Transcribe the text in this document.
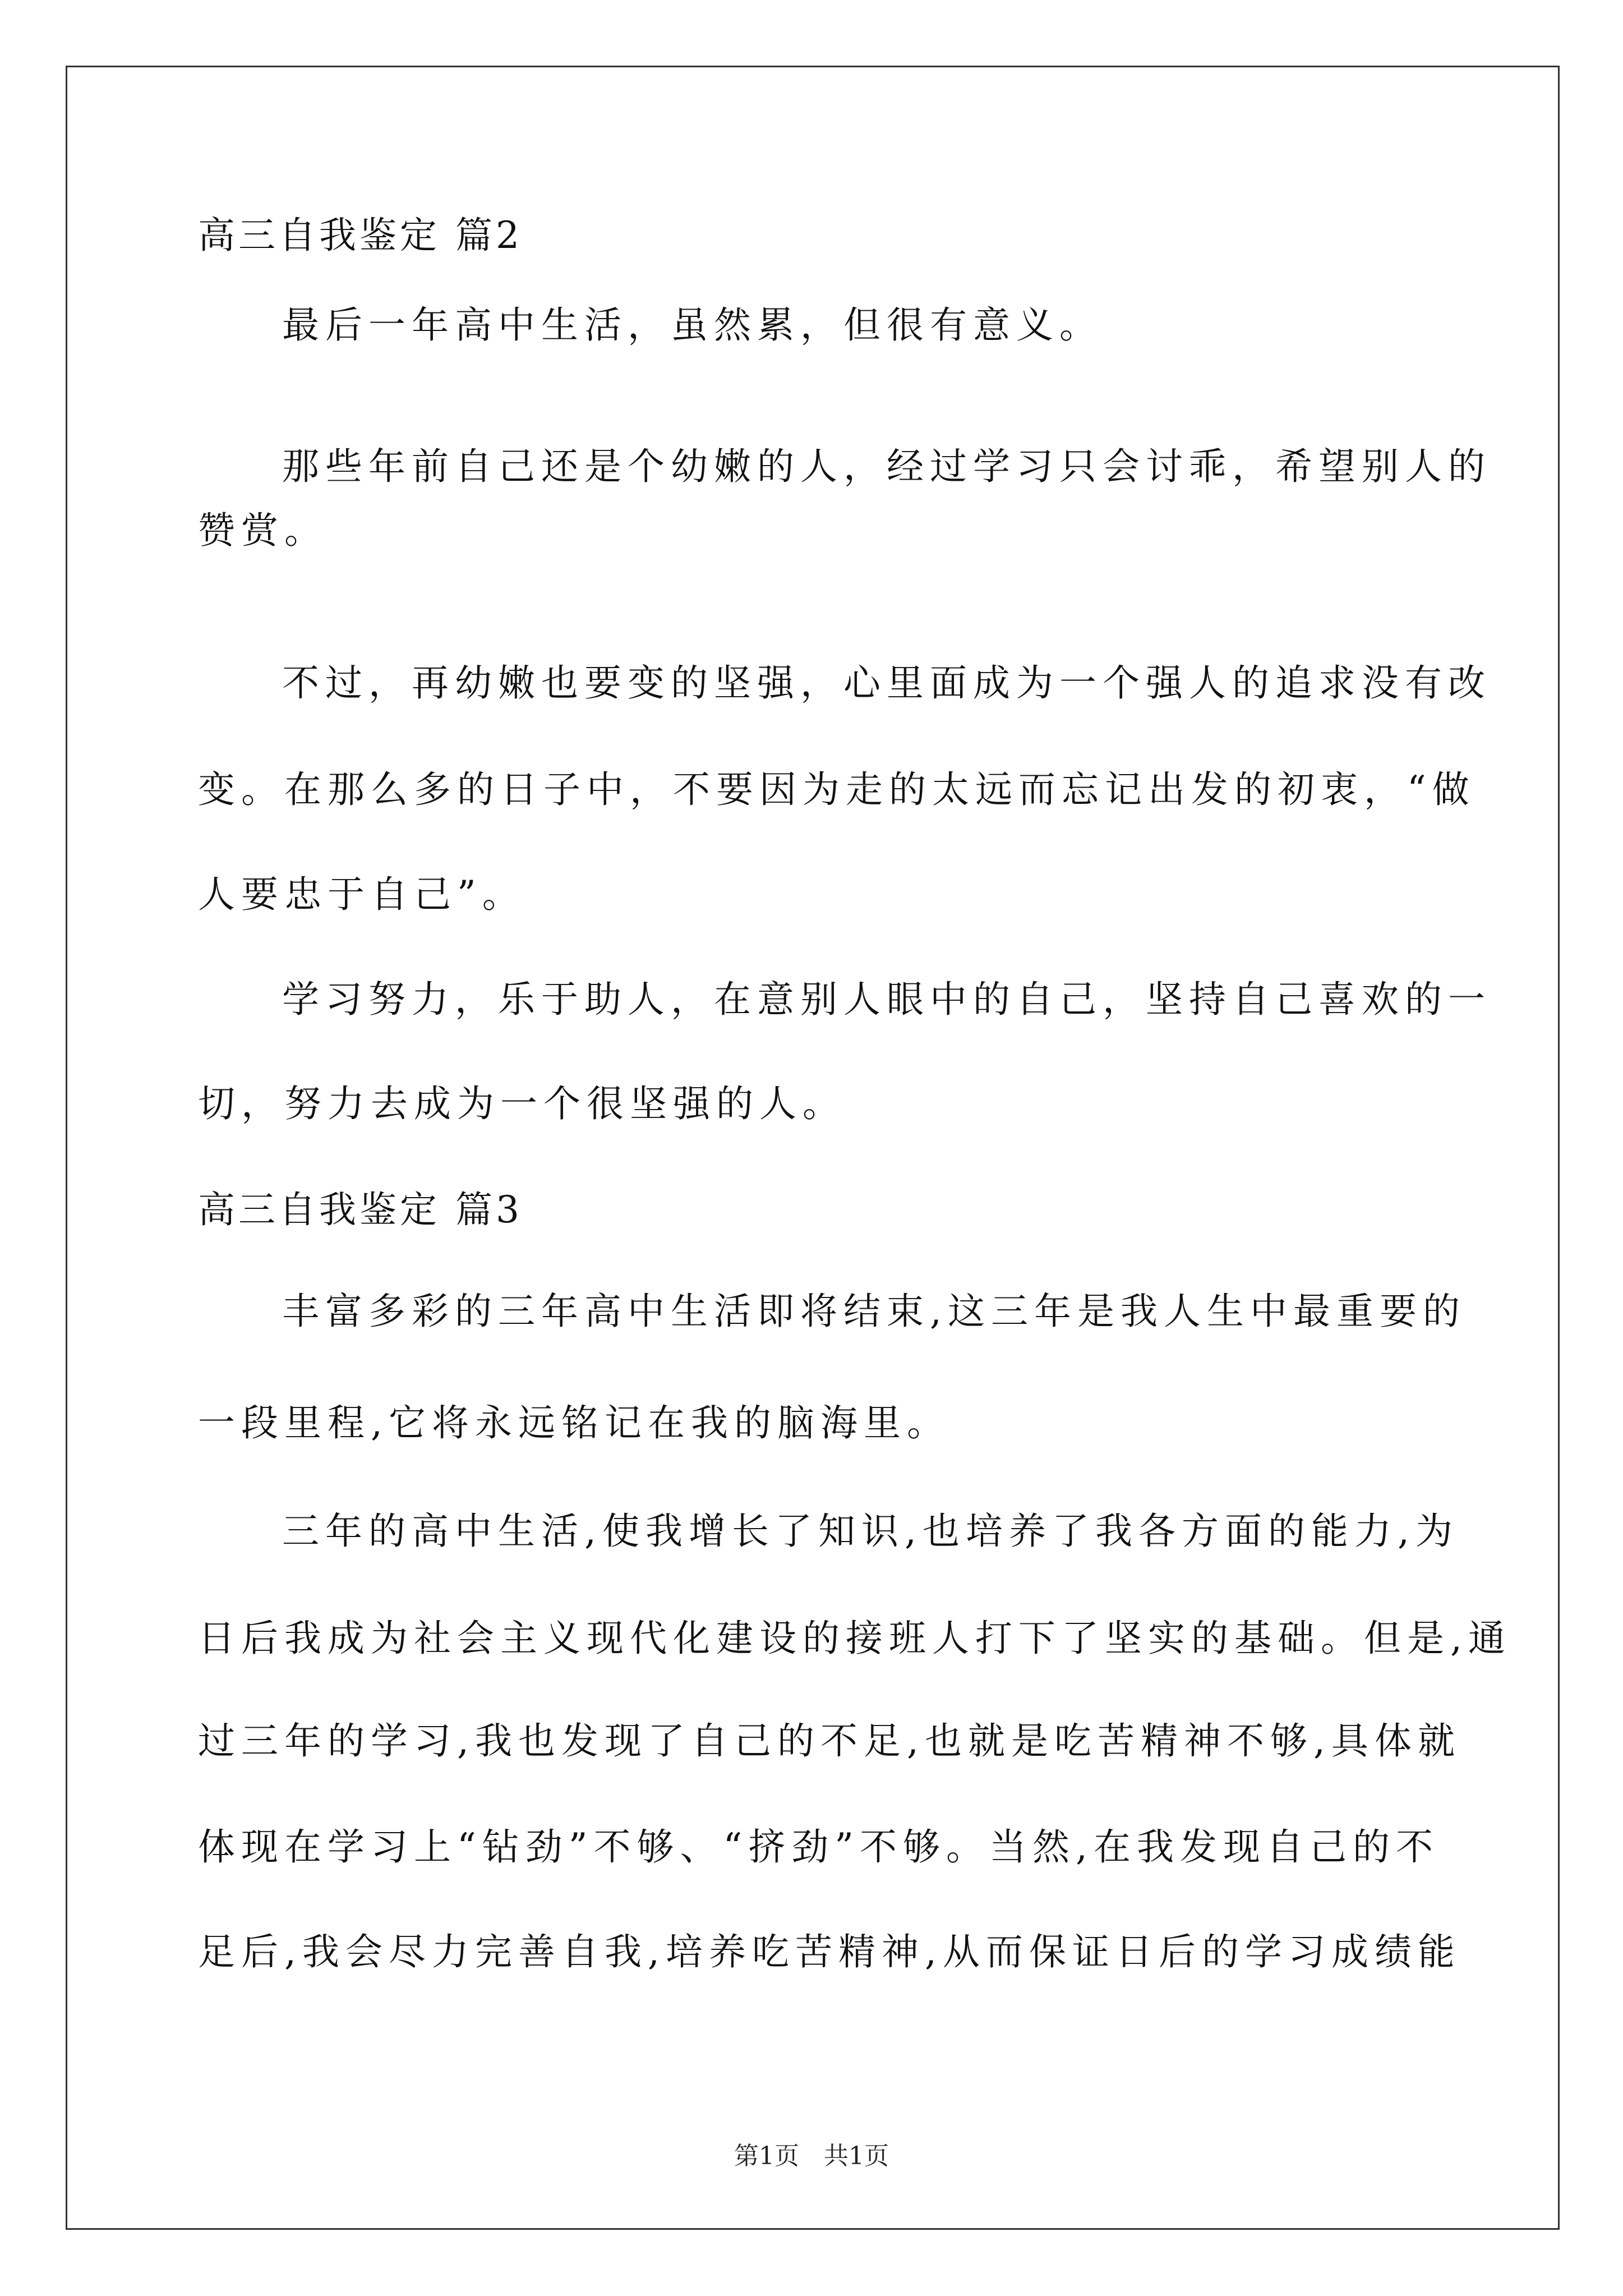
高三自我鉴定 篇2

最后一年高中生活，虽然累，但很有意义。

那些年前自己还是个幼嫩的人，经过学习只会讨乖，希望别人的

赞赏。

不过，再幼嫩也要变的坚强，心里面成为一个强人的追求没有改

变。在那么多的日子中，不要因为走的太远而忘记出发的初衷，“做

人要忠于自己”。

学习努力，乐于助人，在意别人眼中的自己，坚持自己喜欢的一

切，努力去成为一个很坚强的人。

高三自我鉴定 篇3

丰富多彩的三年高中生活即将结束,这三年是我人生中最重要的

一段里程,它将永远铭记在我的脑海里。

三年的高中生活,使我增长了知识,也培养了我各方面的能力,为

日后我成为社会主义现代化建设的接班人打下了坚实的基础。但是,通

过三年的学习,我也发现了自己的不足,也就是吃苦精神不够,具体就

体现在学习上“钻劲”不够、“挤劲”不够。当然,在我发现自己的不

足后,我会尽力完善自我,培养吃苦精神,从而保证日后的学习成绩能

第1页 共1页
